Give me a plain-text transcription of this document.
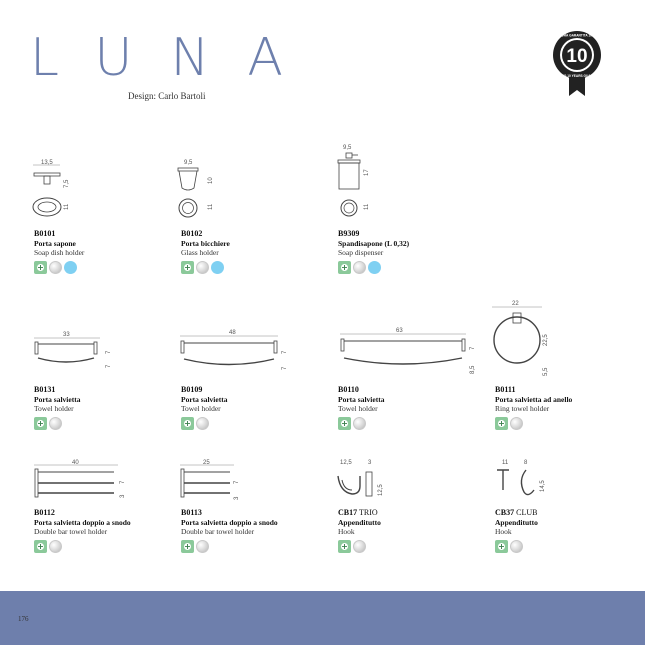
LUNA
Design: Carlo Bartoli
10
FINITURA GARANTITA 10 ANNI
FINISHING 10 YEARS GUARANTEE
13,5
7,5
11
9,5
10
11
9,5
17
11
B0101
Porta sapone
Soap dish holder
+
B0102
Porta bicchiere
Glass holder
+
B9309
Spandisapone (L 0,32)
Soap dispenser
+
33
7
7
48
7
7
63
7
8,5
22
22,5
5,5
B0131
Porta salvietta
Towel holder
+
B0109
Porta salvietta
Towel holder
+
B0110
Porta salvietta
Towel holder
+
B0111
Porta salvietta ad anello
Ring towel holder
+
40
7
3
25
7
3
12,5	3
12,5
11	8
14,5
B0112
Porta salvietta doppio a snodo
Double bar towel holder
+
B0113
Porta salvietta doppio a snodo
Double bar towel holder
+
CB17 TRIO
Appenditutto
Hook
+
CB37 CLUB
Appenditutto
Hook
+
176
